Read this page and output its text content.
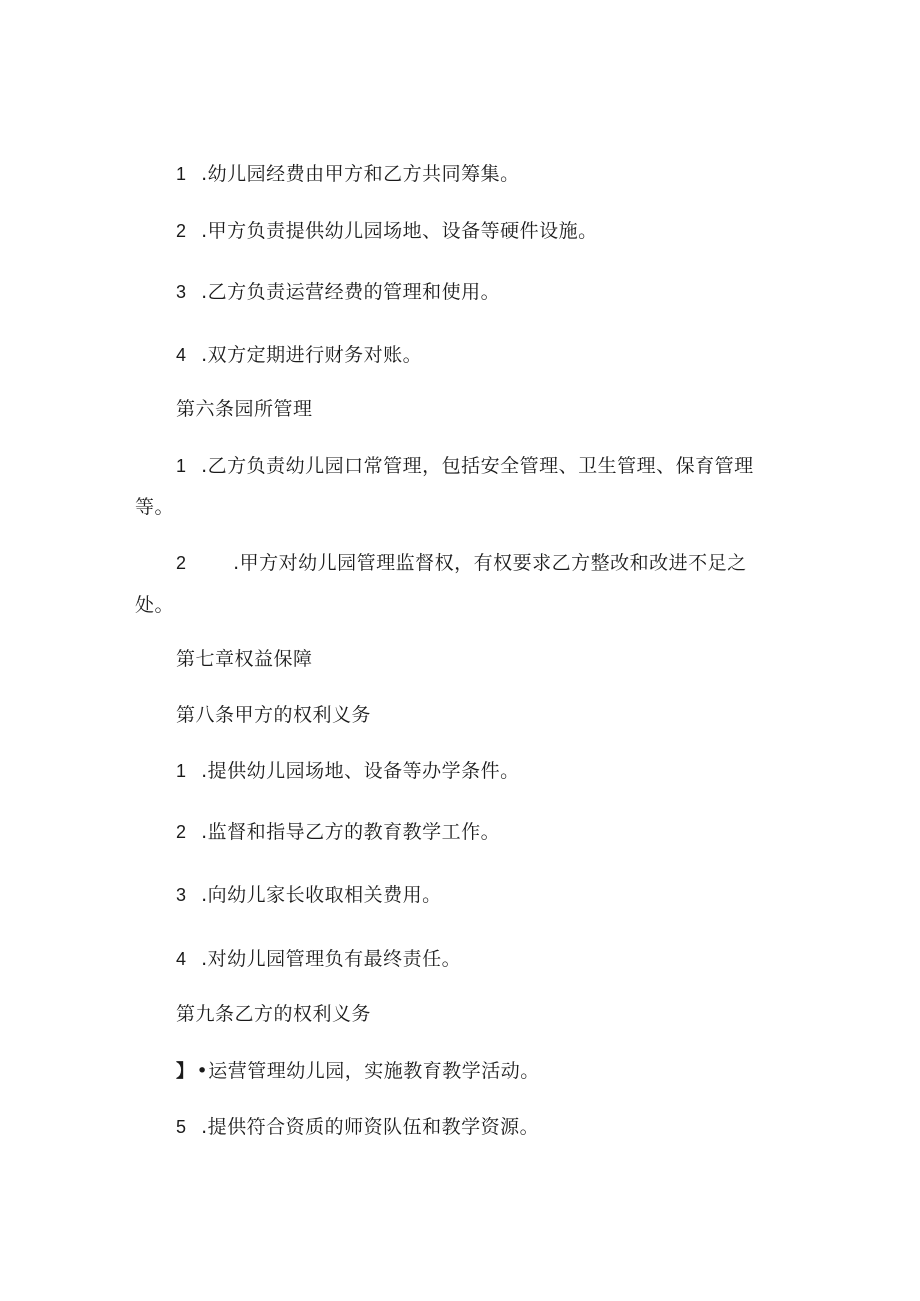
1 .幼儿园经费由甲方和乙方共同筹集。
2 .甲方负责提供幼儿园场地、设备等硬件设施。
3 .乙方负责运营经费的管理和使用。
4 .双方定期进行财务对账。
第六条园所管理
1 .乙方负责幼儿园口常管理，包括安全管理、卫生管理、保育管理
等。
2 .甲方对幼儿园管理监督权，有权要求乙方整改和改进不足之
处。
第七章权益保障
第八条甲方的权利义务
1 .提供幼儿园场地、设备等办学条件。
2 .监督和指导乙方的教育教学工作。
3 .向幼儿家长收取相关费用。
4 .对幼儿园管理负有最终责任。
第九条乙方的权利义务
】 •运营管理幼儿园，实施教育教学活动。
5 .提供符合资质的师资队伍和教学资源。
